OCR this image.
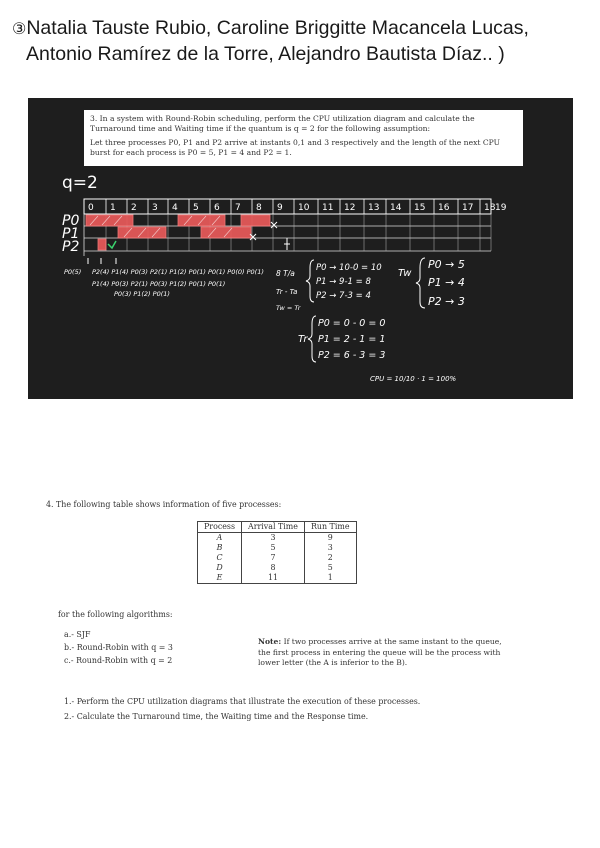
③Natalia Tauste Rubio, Caroline Briggitte Macancela Lucas,
Antonio Ramírez de la Torre, Alejandro Bautista Díaz.. )

3. In a system with Round-Robin scheduling, perform the CPU utilization diagram and calculate the Turnaround time and Waiting time if the quantum is q = 2 for the following assumption:

Let three processes P0, P1 and P2 arrive at instants 0,1 and 3 respectively and the length of the next CPU burst for each process is P0 = 5, P1 = 4 and P2 = 1.

q=2
0 1 2 3 4 5 6 7 8 9 10 11 12 13 14 15 16 17 18 19
P0
P1
P2
P0(5) P2(4) P1(4) P0(3) P2(1) P1(2) P0(1) P0(1) P0(0) P0(1)
P1(4) P0(3) P2(1) P0(3) P1(2) P0(1) P0(1)
P0(3) P1(2) P0(1)
8 T/a
Tr - Ta
Tw = Tr
P0 → 10-0 = 10
P1 → 9-1 = 8
P2 → 7-3 = 4
Tw
P0 → 5
P1 → 4
P2 → 3
Tr
P0 = 0 - 0 = 0
P1 = 2 - 1 = 1
P2 = 6 - 3 = 3
CPU = 10/10 · 1 = 100%
4. The following table shows information of five processes:
Process	Arrival Time	Run Time
A	3	9
B	5	3
C	7	2
D	8	5
E	11	1
for the following algorithms:
a.- SJF
b.- Round-Robin with q = 3
c.- Round-Robin with q = 2
Note: If two processes arrive at the same instant to the queue, the first process in entering the queue will be the process with lower letter (the A is inferior to the B).
1.- Perform the CPU utilization diagrams that illustrate the execution of these processes.
2.- Calculate the Turnaround time, the Waiting time and the Response time.
